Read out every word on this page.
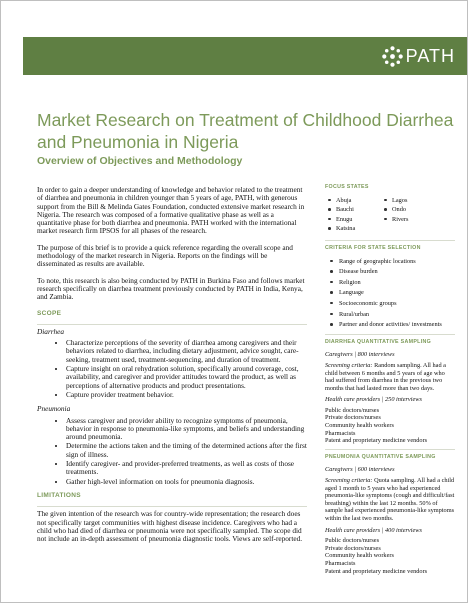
PATH
Market Research on Treatment of Childhood Diarrhea and Pneumonia in Nigeria
Overview of Objectives and Methodology

In order to gain a deeper understanding of knowledge and behavior related to the treatment of diarrhea and pneumonia in children younger than 5 years of age, PATH, with generous support from the Bill & Melinda Gates Foundation, conducted extensive market research in Nigeria. The research was composed of a formative qualitative phase as well as a quantitative phase for both diarrhea and pneumonia. PATH worked with the international market research firm IPSOS for all phases of the research.

The purpose of this brief is to provide a quick reference regarding the overall scope and methodology of the market research in Nigeria. Reports on the findings will be disseminated as results are available.

To note, this research is also being conducted by PATH in Burkina Faso and follows market research specifically on diarrhea treatment previously conducted by PATH in India, Kenya, and Zambia.

SCOPE
Diarrhea
• Characterize perceptions of the severity of diarrhea among caregivers and their behaviors related to diarrhea, including dietary adjustment, advice sought, care-seeking, treatment used, treatment-sequencing, and duration of treatment.
• Capture insight on oral rehydration solution, specifically around coverage, cost, availability, and caregiver and provider attitudes toward the product, as well as perceptions of alternative products and product presentations.
• Capture provider treatment behavior.
Pneumonia
• Assess caregiver and provider ability to recognize symptoms of pneumonia, behavior in response to pneumonia-like symptoms, and beliefs and understanding around pneumonia.
• Determine the actions taken and the timing of the determined actions after the first sign of illness.
• Identify caregiver- and provider-preferred treatments, as well as costs of those treatments.
• Gather high-level information on tools for pneumonia diagnosis.
LIMITATIONS

The given intention of the research was for country-wide representation; the research does not specifically target communities with highest disease incidence. Caregivers who had a child who had died of diarrhea or pneumonia were not specifically sampled. The scope did not include an in-depth assessment of pneumonia diagnostic tools. Views are self-reported.

FOCUS STATES
Abuja
Bauchi
Enugu
Katsina
Lagos
Ondo
Rivers
CRITERIA FOR STATE SELECTION
Range of geographic locations
Disease burden
Religion
Language
Socioeconomic groups
Rural/urban
Partner and donor activities/ investments
DIARRHEA QUANTITATIVE SAMPLING
Caregivers | 800 interviews
Screening criteria: Random sampling. All had a child between 6 months and 5 years of age who had suffered from diarrhea in the previous two months that had lasted more than two days.
Health care providers | 250 interviews
Public doctors/nurses
Private doctors/nurses
Community health workers
Pharmacists
Patent and proprietary medicine vendors
PNEUMONIA QUANTITATIVE SAMPLING
Caregivers | 600 interviews
Screening criteria: Quota sampling. All had a child aged 1 month to 5 years who had experienced pneumonia-like symptoms (cough and difficult/fast breathing) within the last 12 months. 50% of sample had experienced pneumonia-like symptoms within the last two months.
Health care providers | 400 interviews
Public doctors/nurses
Private doctors/nurses
Community health workers
Pharmacists
Patent and proprietary medicine vendors
